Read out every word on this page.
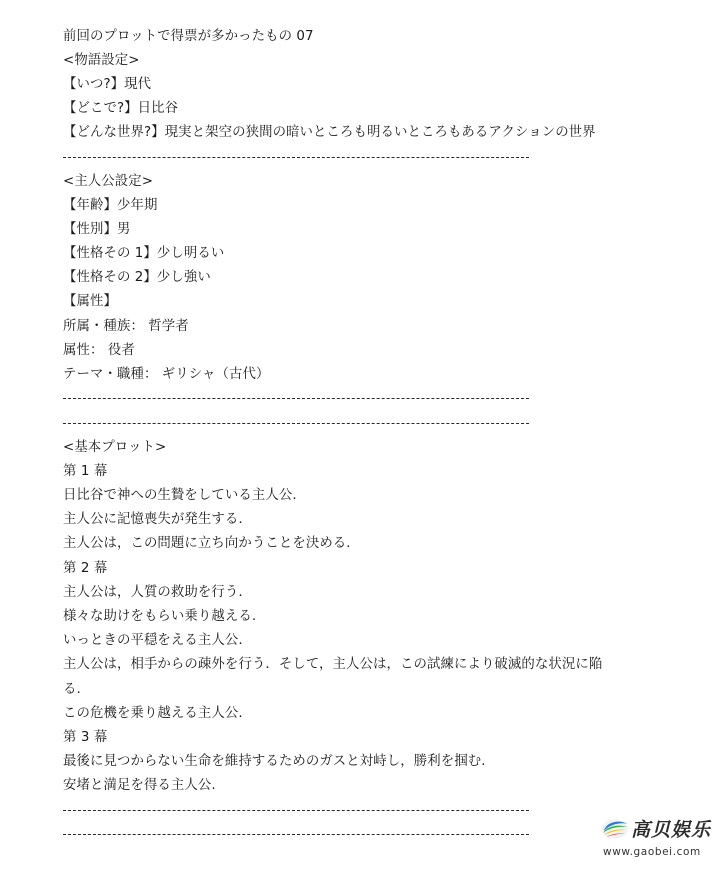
前回のプロットで得票が多かったもの 07
<物語設定>
【いつ?】現代
【どこで?】日比谷
【どんな世界?】現実と架空の狭間の暗いところも明るいところもあるアクションの世界
<主人公設定>
【年齢】少年期
【性別】男
【性格その 1】少し明るい
【性格その 2】少し強い
【属性】
所属・種族： 哲学者
属性： 役者
テーマ・職種： ギリシャ（古代）
<基本プロット>
第 1 幕
日比谷で神への生贄をしている主人公.
主人公に記憶喪失が発生する.
主人公は，この問題に立ち向かうことを決める.
第 2 幕
主人公は，人質の救助を行う.
様々な助けをもらい乗り越える.
いっときの平穏をえる主人公.
主人公は，相手からの疎外を行う．そして，主人公は，この試練により破滅的な状況に陥
る.
この危機を乗り越える主人公.
第 3 幕
最後に見つからない生命を維持するためのガスと対峙し，勝利を掴む.
安堵と満足を得る主人公.
高贝娱乐
www.gaobei.com
